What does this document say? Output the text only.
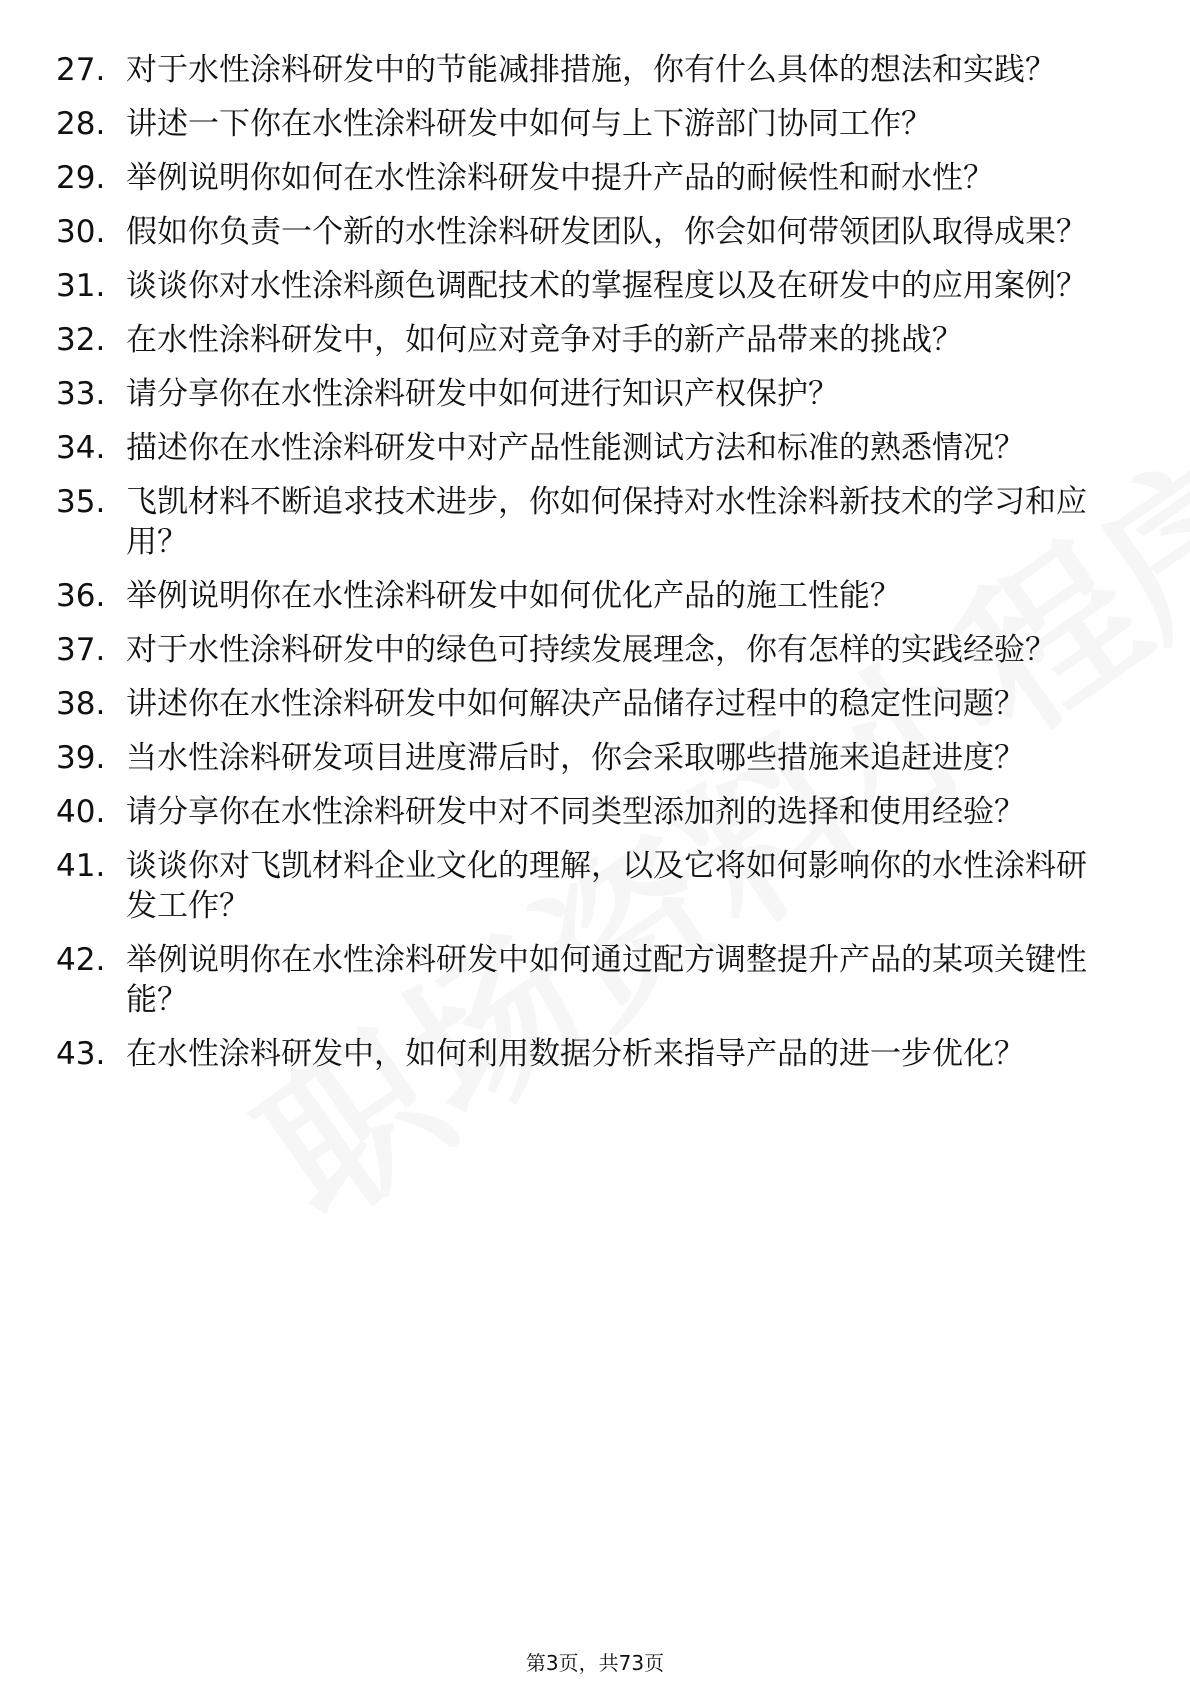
27. 对于水性涂料研发中的节能减排措施，你有什么具体的想法和实践？
28. 讲述一下你在水性涂料研发中如何与上下游部门协同工作？
29. 举例说明你如何在水性涂料研发中提升产品的耐候性和耐水性？
30. 假如你负责一个新的水性涂料研发团队，你会如何带领团队取得成果？
31. 谈谈你对水性涂料颜色调配技术的掌握程度以及在研发中的应用案例？
32. 在水性涂料研发中，如何应对竞争对手的新产品带来的挑战？
33. 请分享你在水性涂料研发中如何进行知识产权保护？
34. 描述你在水性涂料研发中对产品性能测试方法和标准的熟悉情况？
35. 飞凯材料不断追求技术进步，你如何保持对水性涂料新技术的学习和应用？
36. 举例说明你在水性涂料研发中如何优化产品的施工性能？
37. 对于水性涂料研发中的绿色可持续发展理念，你有怎样的实践经验？
38. 讲述你在水性涂料研发中如何解决产品储存过程中的稳定性问题？
39. 当水性涂料研发项目进度滞后时，你会采取哪些措施来追赶进度？
40. 请分享你在水性涂料研发中对不同类型添加剂的选择和使用经验？
41. 谈谈你对飞凯材料企业文化的理解，以及它将如何影响你的水性涂料研发工作？
42. 举例说明你在水性涂料研发中如何通过配方调整提升产品的某项关键性能？
43. 在水性涂料研发中，如何利用数据分析来指导产品的进一步优化？
第3页，共73页
